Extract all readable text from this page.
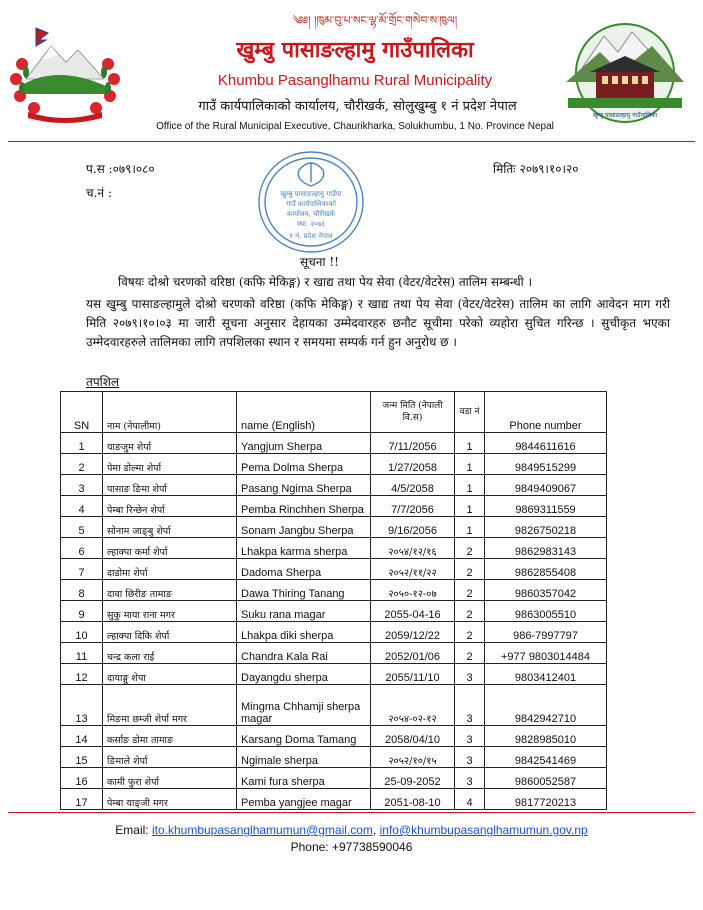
༄༅། །ཁུམ་བུ་པ་སང་ལྷ་མོ་གྲོང་གསེབ་ས་ཁུལ།
खुम्बु पासाङल्हामु गाउँपालिका
Khumbu Pasanglhamu Rural Municipality
गाउँ कार्यपालिकाको कार्यालय, चौरीखर्क, सोलुखुम्बु १ नं प्रदेश नेपाल
Office of the Rural Municipal Executive, Chaurikharka, Solukhumbu, 1 No. Province Nepal
खुम्बु पासाङल्हामु गाउँपालिका
प.स :०७९।०८०
च.नं :
मितिः २०७९।१०।२०
खुम्बु पासाङल्हामु गाउँपा
गाउँ कार्यपालिकाको
कार्यालय, चौरीखर्क
स्था. २०७३
१ नं. प्रदेश नेपाल
सूचना !!
विषयः दोश्रो चरणको वरिष्ठा (कफि मेकिङ्ग) र खाद्य तथा पेय सेवा (वेटर/वेटरेस) तालिम सम्बन्धी ।
यस खुम्बु पासाङल्हामुले दोश्रो चरणको वरिष्ठा (कफि मेकिङ्ग) र खाद्य तथा पेय सेवा (वेटर/वेटरेस) तालिम का लागि आवेदन माग गरी मिति २०७९।१०।०३ मा जारी सूचना अनुसार देहायका उम्मेदवारहरु छनौट सूचीमा परेको व्यहोरा सुचित गरिन्छ । सुचीकृत भएका उम्मेदवारहरुले तालिमका लागि तपशिलका स्थान र समयमा सम्पर्क गर्न हुन अनुरोध छ ।
तपशिल
SN	नाम (नेपालीमा)	name (English)	जन्म मिति (नेपाली वि.स)	वडा नं	Phone number
1	याङजुम शेर्पा	Yangjum Sherpa	7/11/2056	1	9844611616
2	पेमा डोल्मा शेर्पा	Pema Dolma Sherpa	1/27/2058	1	9849515299
3	पासाङ ङिमा शेर्पा	Pasang Ngima Sherpa	4/5/2058	1	9849409067
4	पेम्बा रिन्छेन शेर्पा	Pemba Rinchhen Sherpa	7/7/2056	1	9869311559
5	सोनाम जाङ्बु शेर्पा	Sonam Jangbu Sherpa	9/16/2056	1	9826750218
6	ल्हाक्पा कर्मा शेर्पा	Lhakpa karma sherpa	२०५४/१२/१६	2	9862983143
7	दाडोमा शेर्पा	Dadoma Sherpa	२०५२/११/२२	2	9862855408
8	दावा छिरीङ तामाङ	Dawa Thiring Tanang	२०५०-१२-०७	2	9860357042
9	सुकु माया राना मगर	Suku rana magar	2055-04-16	2	9863005510
10	ल्हाक्पा दिकि शेर्पा	Lhakpa diki sherpa	2059/12/22	2	986-7997797
11	चन्द्र कला राई	Chandra Kala Rai	2052/01/06	2	+977 9803014484
12	दायाङ्गु शेपा	Dayangdu sherpa	2055/11/10	3	9803412401
13	मिङमा छम्जी शेर्पा मगर	Mingma Chhamji sherpa magar	२०५४-०२-१२	3	9842942710
14	कर्साङ डोमा तामाङ	Karsang Doma Tamang	2058/04/10	3	9828985010
15	ङिमाले शेर्पा	Ngimale sherpa	२०५२/१०/१५	3	9842541469
16	कामी फुरा शेर्पा	Kami fura sherpa	25-09-2052	3	9860052587
17	पेम्बा याङ्जी मगर	Pemba yangjee magar	2051-08-10	4	9817720213
Email: ito.khumbupasanglhamumun@gmail.com, info@khumbupasanglhamumun.gov.np
Phone: +97738590046
